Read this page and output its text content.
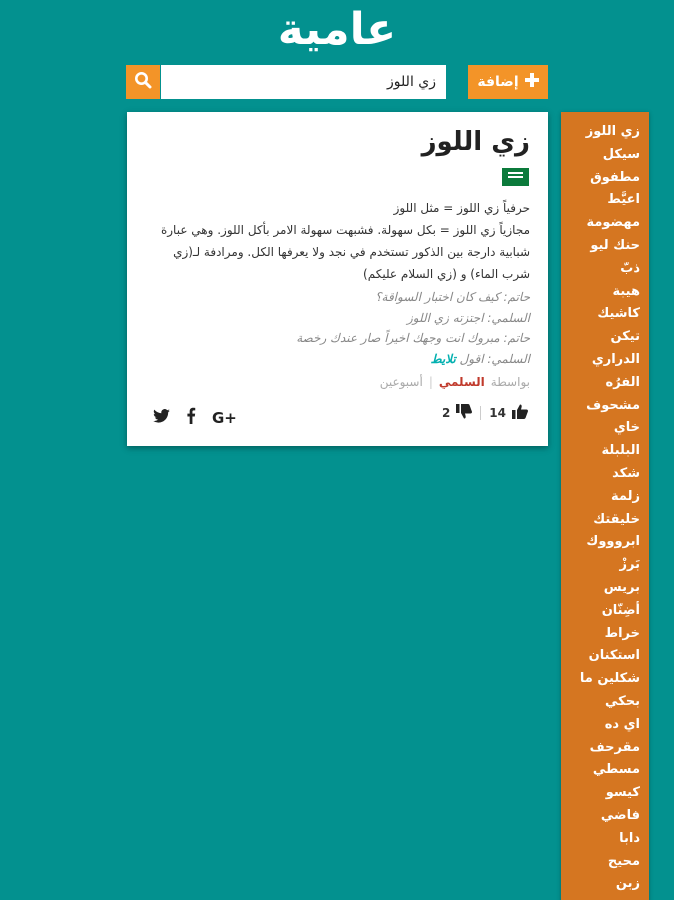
عامية
إضافة
زي اللوز
زي اللوز

حرفياً زي اللوز = مثل اللوز

مجازياً زي اللوز = بكل سهولة. فشبهت سهولة الامر بأكل اللوز. وهي عبارة شبابية دارجة بين الذكور تستخدم في نجد ولا يعرفها الكل. ومرادفة لـ(زي شرب الماء) و (زي السلام عليكم)

حاتم: كيف كان اختبار السواقة؟

السلمي: اجتزته زي اللوز

حاتم: مبروك انت وجهك اخيراً صار عندك رخصة

السلمي: اقول تلايط

بواسطة
السلمي
|
أسبوعين
14
2
G+
زي اللوز
سيكل
مطفوق
اعيَّط
مهضومة
حنك ليو
ذبّ
هيبة
كاشيك
تيكن
الدراري
الفرُه
مشحوف
خاي
البلبلة
شكد
زلمة
خليقتك
ابروووك
بَرزْ
بريس
أضِنّان
خراط
استكنان
شكلين ما
بحكي
اي ده
مقرحف
مسطي
كيسو
فاضي
دابا
محيح
زبن
